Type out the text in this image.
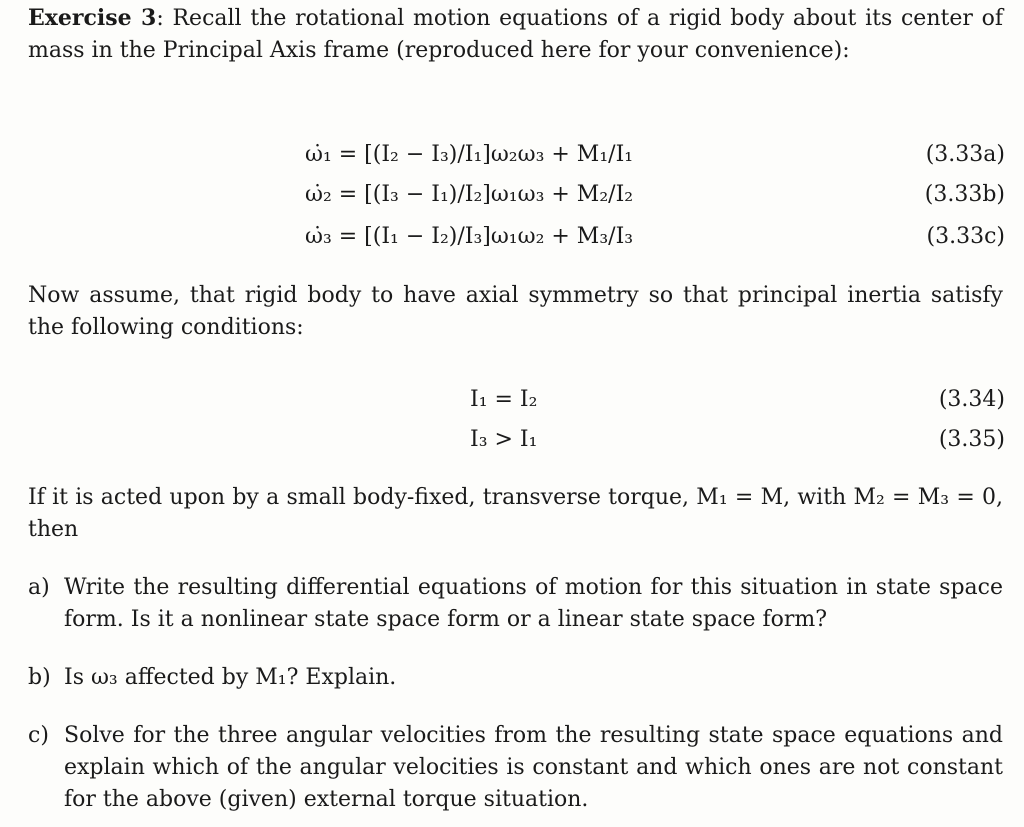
Exercise 3: Recall the rotational motion equations of a rigid body about its center of mass in the Principal Axis frame (reproduced here for your convenience):

ω̇₁ = [(I₂ − I₃)/I₁]ω₂ω₃ + M₁/I₁	(3.33a)
ω̇₂ = [(I₃ − I₁)/I₂]ω₁ω₃ + M₂/I₂	(3.33b)
ω̇₃ = [(I₁ − I₂)/I₃]ω₁ω₂ + M₃/I₃	(3.33c)

Now assume, that rigid body to have axial symmetry so that principal inertia satisfy the following conditions:

I₁ = I₂	(3.34)
I₃ > I₁	(3.35)

If it is acted upon by a small body-fixed, transverse torque, M₁ = M, with M₂ = M₃ = 0, then

a) Write the resulting differential equations of motion for this situation in state space form. Is it a nonlinear state space form or a linear state space form?
b) Is ω₃ affected by M₁? Explain.
c) Solve for the three angular velocities from the resulting state space equations and explain which of the angular velocities is constant and which ones are not constant for the above (given) external torque situation.
